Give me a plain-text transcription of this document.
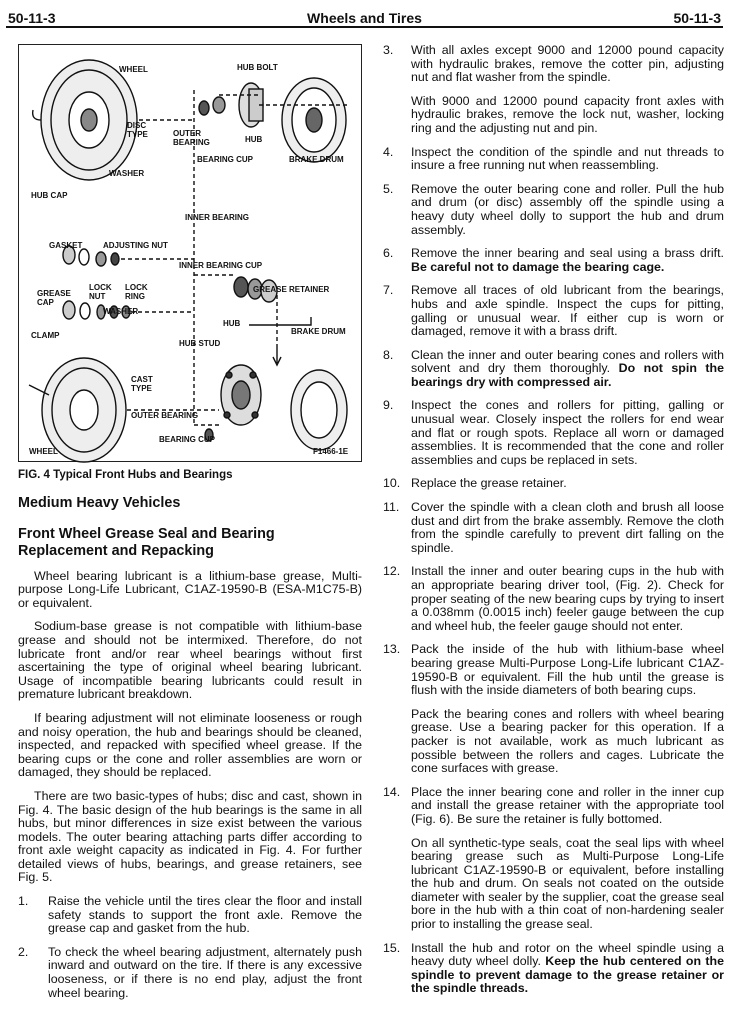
50-11-3	Wheels and Tires	50-11-3
WHEEL	HUB BOLT
DISC
TYPE	OUTER
BEARING	HUB
BEARING CUP	BRAKE DRUM
WASHER
HUB CAP
INNER BEARING
GASKET	ADJUSTING NUT
INNER BEARING CUP
GREASE
CAP
LOCK
NUT
LOCK
RING
WASHER
GREASE RETAINER
HUB
CLAMP
HUB STUD
BRAKE DRUM
CAST
TYPE
OUTER BEARING
WHEEL
BEARING CUP
F1466-1E
FIG. 4 Typical Front Hubs and Bearings
Medium Heavy Vehicles
Front Wheel Grease Seal and Bearing Replacement and Repacking

Wheel bearing lubricant is a lithium-base grease, Multi-purpose Long-Life Lubricant, C1AZ-19590-B (ESA-M1C75-B) or equivalent.

Sodium-base grease is not compatible with lithium-base grease and should not be intermixed. Therefore, do not lubricate front and/or rear wheel bearings without first ascertaining the type of original wheel bearing lubricant. Usage of incompatible bearing lubricants could result in premature lubricant breakdown.

If bearing adjustment will not eliminate looseness or rough and noisy operation, the hub and bearings should be cleaned, inspected, and repacked with specified wheel grease. If the bearing cups or the cone and roller assemblies are worn or damaged, they should be replaced.

There are two basic-types of hubs; disc and cast, shown in Fig. 4. The basic design of the hub bearings is the same in all hubs, but minor differences in size exist between the various models. The outer bearing attaching parts differ according to front axle weight capacity as indicated in Fig. 4. For further detailed views of hubs, bearings, and grease retainers, see Fig. 5.

1.	Raise the vehicle until the tires clear the floor and install safety stands to support the front axle. Remove the grease cap and gasket from the hub.
2.	To check the wheel bearing adjustment, alternately push inward and outward on the tire. If there is any excessive looseness, or if there is no end play, adjust the front wheel bearing.
3.	With all axles except 9000 and 12000 pound capacity with hydraulic brakes, remove the cotter pin, adjusting nut and flat washer from the spindle.

With 9000 and 12000 pound capacity front axles with hydraulic brakes, remove the lock nut, washer, locking ring and the adjusting nut and pin.

4.	Inspect the condition of the spindle and nut threads to insure a free running nut when reassembling.
5.	Remove the outer bearing cone and roller. Pull the hub and drum (or disc) assembly off the spindle using a heavy duty wheel dolly to support the hub and drum assembly.
6.	Remove the inner bearing and seal using a brass drift. Be careful not to damage the bearing cage.
7.	Remove all traces of old lubricant from the bearings, hubs and axle spindle. Inspect the cups for pitting, galling or unusual wear. If either cup is worn or damaged, remove it with a brass drift.
8.	Clean the inner and outer bearing cones and rollers with solvent and dry them thoroughly. Do not spin the bearings dry with compressed air.
9.	Inspect the cones and rollers for pitting, galling or unusual wear. Closely inspect the rollers for end wear and flat or rough spots. Replace all worn or damaged assemblies. It is recommended that the cone and roller assemblies and cups be replaced in sets.
10. Replace the grease retainer.
11. Cover the spindle with a clean cloth and brush all loose dust and dirt from the brake assembly. Remove the cloth from the spindle carefully to prevent dirt falling on the spindle.
12. Install the inner and outer bearing cups in the hub with an appropriate bearing driver tool, (Fig. 2). Check for proper seating of the new bearing cups by trying to insert a 0.038mm (0.0015 inch) feeler gauge between the cup and wheel hub, the feeler gauge should not enter.
13. Pack the inside of the hub with lithium-base wheel bearing grease Multi-Purpose Long-Life lubricant C1AZ-19590-B or equivalent. Fill the hub until the grease is flush with the inside diameters of both bearing cups.

Pack the bearing cones and rollers with wheel bearing grease. Use a bearing packer for this operation. If a packer is not available, work as much lubricant as possible between the rollers and cages. Lubricate the cone surfaces with grease.

14. Place the inner bearing cone and roller in the inner cup and install the grease retainer with the appropriate tool (Fig. 6). Be sure the retainer is fully bottomed.

On all synthetic-type seals, coat the seal lips with wheel bearing grease such as Multi-Purpose Long-Life lubricant C1AZ-19590-B or equivalent, before installing the hub and drum. On seals not coated on the outside diameter with sealer by the supplier, coat the grease seal bore in the hub with a thin coat of non-hardening sealer prior to installing the grease seal.

15. Install the hub and rotor on the wheel spindle using a heavy duty wheel dolly. Keep the hub centered on the spindle to prevent damage to the grease retainer or the spindle threads.
